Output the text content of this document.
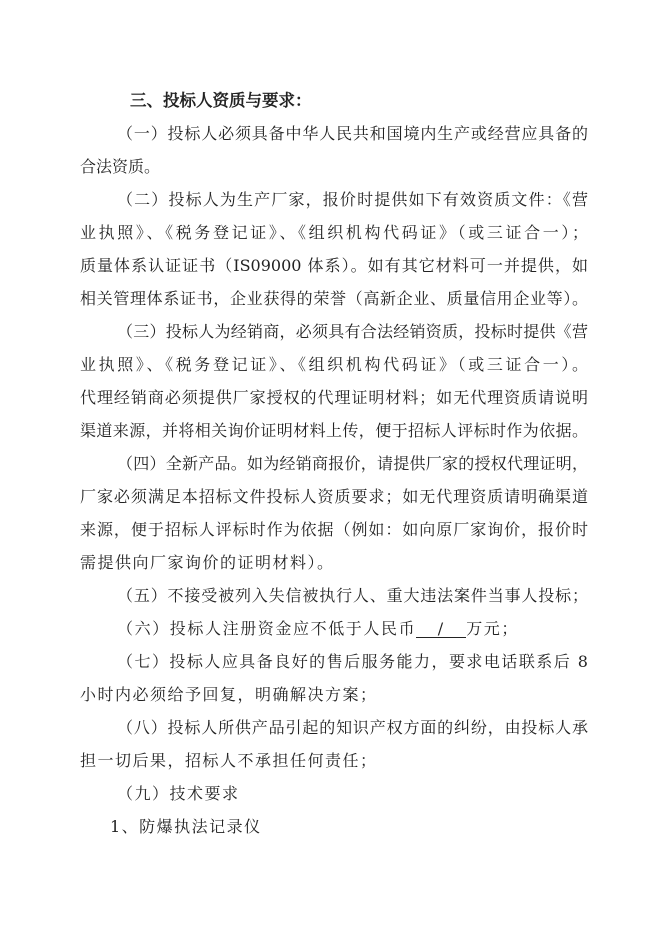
三、投标人资质与要求：
（一）投标人必须具备中华人民共和国境内生产或经营应具备的
合法资质。
（二）投标人为生产厂家，报价时提供如下有效资质文件：《营
业执照》、《税务登记证》、《组织机构代码证》（或三证合一）；
质量体系认证证书（IS09000 体系）。如有其它材料可一并提供，如
相关管理体系证书，企业获得的荣誉（高新企业、质量信用企业等）。
（三）投标人为经销商，必须具有合法经销资质，投标时提供《营
业执照》、《税务登记证》、《组织机构代码证》（或三证合一）。
代理经销商必须提供厂家授权的代理证明材料；如无代理资质请说明
渠道来源，并将相关询价证明材料上传，便于招标人评标时作为依据。
（四）全新产品。如为经销商报价，请提供厂家的授权代理证明，
厂家必须满足本招标文件投标人资质要求；如无代理资质请明确渠道
来源，便于招标人评标时作为依据（例如：如向原厂家询价，报价时
需提供向厂家询价的证明材料）。
（五）不接受被列入失信被执行人、重大违法案件当事人投标；
（六）投标人注册资金应不低于人民币 / 万元；
（七）投标人应具备良好的售后服务能力，要求电话联系后 8
小时内必须给予回复，明确解决方案；
（八）投标人所供产品引起的知识产权方面的纠纷，由投标人承
担一切后果，招标人不承担任何责任；
（九）技术要求
1、防爆执法记录仪
